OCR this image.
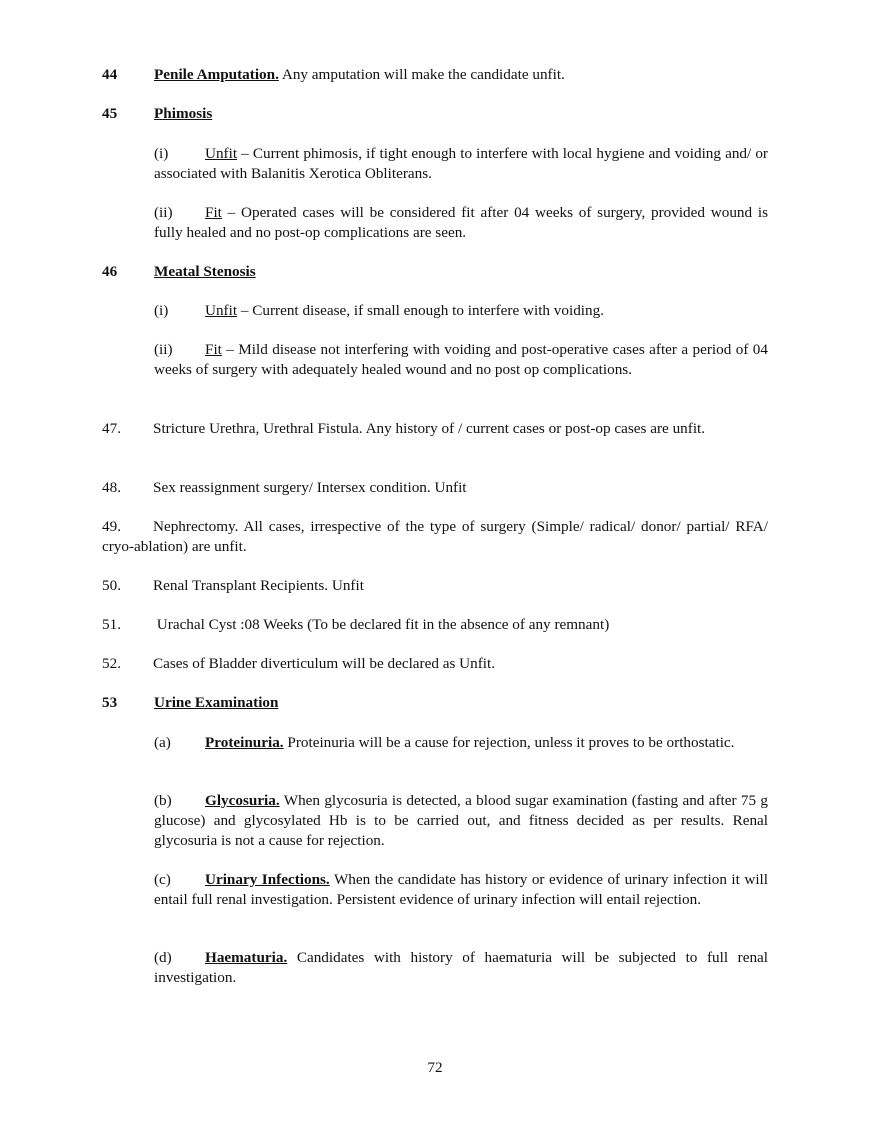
44 Penile Amputation. Any amputation will make the candidate unfit.
45 Phimosis

(i) Unfit – Current phimosis, if tight enough to interfere with local hygiene and voiding and/ or associated with Balanitis Xerotica Obliterans.

(ii) Fit – Operated cases will be considered fit after 04 weeks of surgery, provided wound is fully healed and no post-op complications are seen.

46 Meatal Stenosis

(i) Unfit – Current disease, if small enough to interfere with voiding.

(ii) Fit – Mild disease not interfering with voiding and post-operative cases after a period of 04 weeks of surgery with adequately healed wound and no post op complications.

47. Stricture Urethra, Urethral Fistula. Any history of / current cases or post-op cases are unfit.

48. Sex reassignment surgery/ Intersex condition. Unfit

49. Nephrectomy. All cases, irrespective of the type of surgery (Simple/ radical/ donor/ partial/ RFA/ cryo-ablation) are unfit.

50. Renal Transplant Recipients. Unfit

51. Urachal Cyst :08 Weeks (To be declared fit in the absence of any remnant)

52. Cases of Bladder diverticulum will be declared as Unfit.

53 Urine Examination

(a) Proteinuria. Proteinuria will be a cause for rejection, unless it proves to be orthostatic.

(b) Glycosuria. When glycosuria is detected, a blood sugar examination (fasting and after 75 g glucose) and glycosylated Hb is to be carried out, and fitness decided as per results. Renal glycosuria is not a cause for rejection.

(c) Urinary Infections. When the candidate has history or evidence of urinary infection it will entail full renal investigation. Persistent evidence of urinary infection will entail rejection.

(d) Haematuria. Candidates with history of haematuria will be subjected to full renal investigation.

72
